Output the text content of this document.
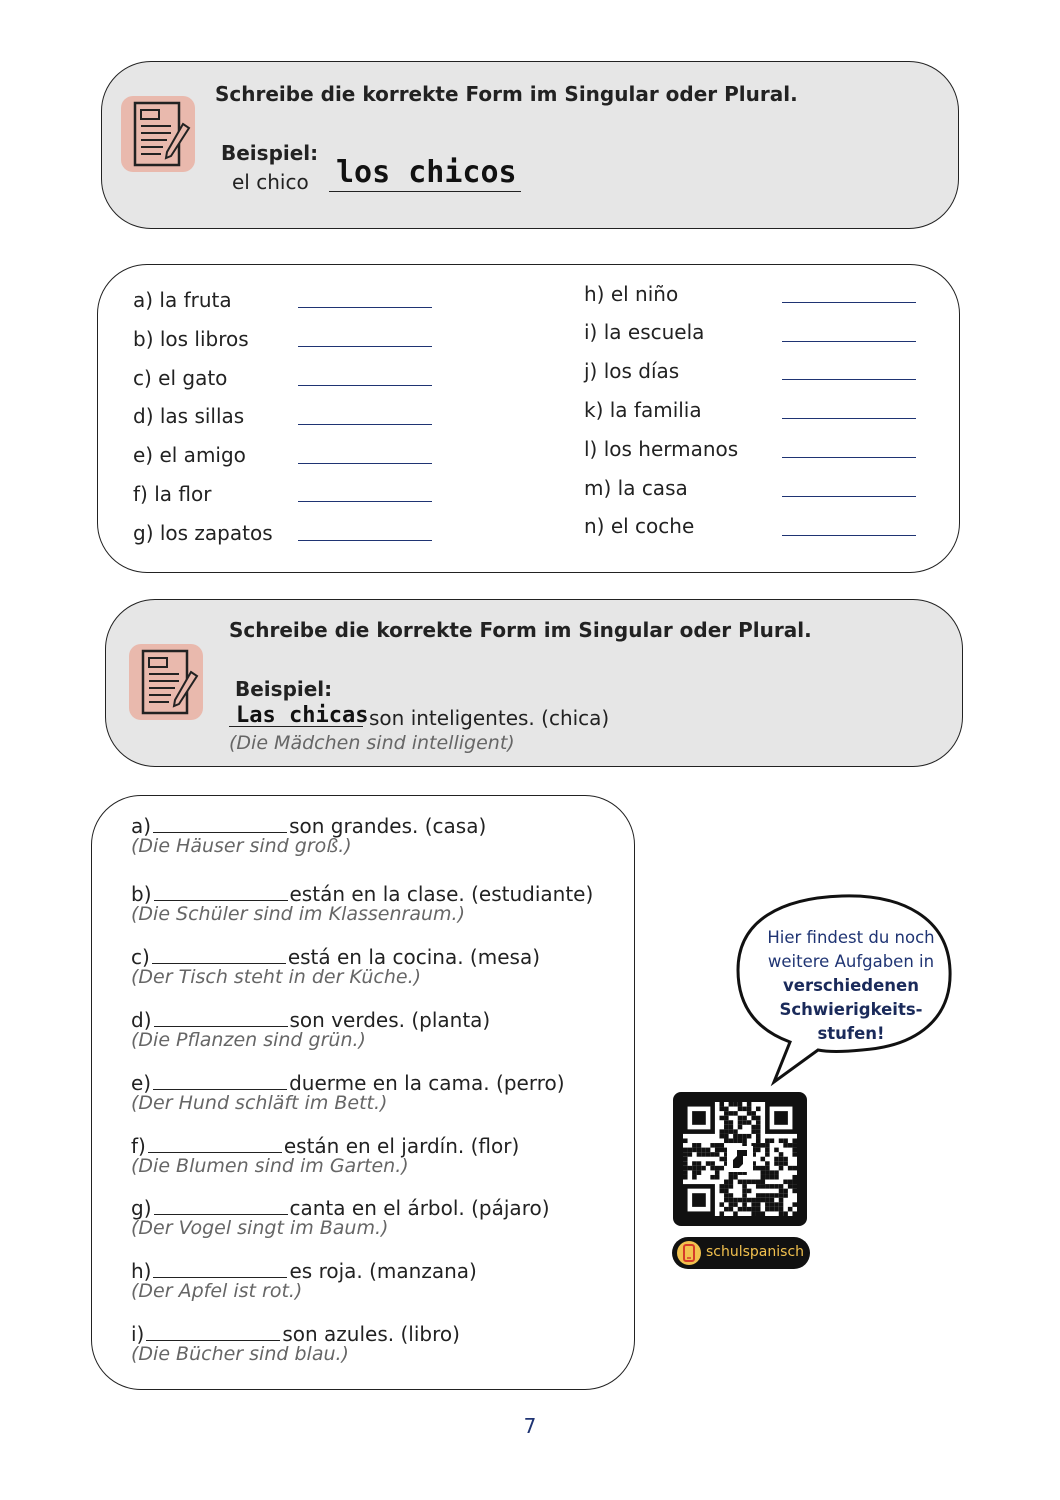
Schreibe die korrekte Form im Singular oder Plural.
Beispiel:
el chico los chicos
a) la fruta
b) los libros
c) el gato
d) las sillas
e) el amigo
f) la flor
g) los zapatos
h) el niño
i) la escuela
j) los días
k) la familia
l) los hermanos
m) la casa
n) el coche
Schreibe die korrekte Form im Singular oder Plural.
Beispiel:
Las chicas son inteligentes. (chica)
(Die Mädchen sind intelligent)
a)	son grandes. (casa)
(Die Häuser sind groß.)
b)	están en la clase. (estudiante)
(Die Schüler sind im Klassenraum.)
c)	está en la cocina. (mesa)
(Der Tisch steht in der Küche.)
d)	son verdes. (planta)
(Die Pflanzen sind grün.)
e)	duerme en la cama. (perro)
(Der Hund schläft im Bett.)
f)	están en el jardín. (flor)
(Die Blumen sind im Garten.)
g)	canta en el árbol. (pájaro)
(Der Vogel singt im Baum.)
h)	es roja. (manzana)
(Der Apfel ist rot.)
i)	son azules. (libro)
(Die Bücher sind blau.)
Hier findest du noch
weitere Aufgaben in
verschiedenen
Schwierigkeits-
stufen!
schulspanisch
7
